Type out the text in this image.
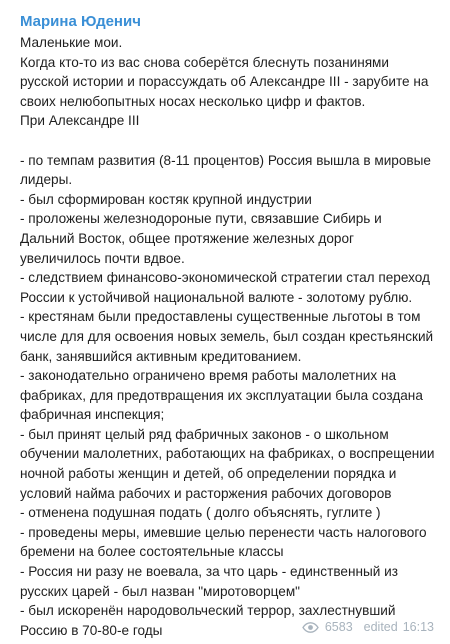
Марина Юденич
Маленькие мои.
Когда кто-то из вас снова соберётся блеснуть позанинями русской истории и порассуждать об Александре III - зарубите на своих нелюбопытных носах несколько цифр и фактов.
При Александре III

- по темпам развития (8-11 процентов) Россия вышла в мировые лидеры.
- был сформирован костяк крупной индустрии
- проложены железнодороные пути, связавшие Сибирь и Дальний Восток, общее протяжение железных дорог увеличилось почти вдвое.
- следствием финансово-экономической стратегии стал переход России к устойчивой национальной валюте - золотому рублю.
- крестянам были предоставлены существенные льготоы в том числе для для освоения новых земель, был создан крестьянский банк, занявшийся активным кредитованием.
- законодательно ограничено время работы малолетних на фабриках, для предотвращения их эксплуатации была создана фабричная инспекция;
- был принят целый ряд фабричных законов - о школьном обучении малолетних, работающих на фабриках, о воспрещении ночной работы женщин и детей, об определении порядка и условий найма рабочих и расторжения рабочих договоров
- отменена подушная подать ( долго объяснять, гуглите )
- проведены меры, имевшие целью перенести часть налогового бремени на более состоятельные классы
- Россия ни разу не воевала, за что царь - единственный из русских царей - был назван "миротоворцем"
- был искоренён народовольческий террор, захлестнувший Россию в 70-80-е годы	6583 edited 16:13
